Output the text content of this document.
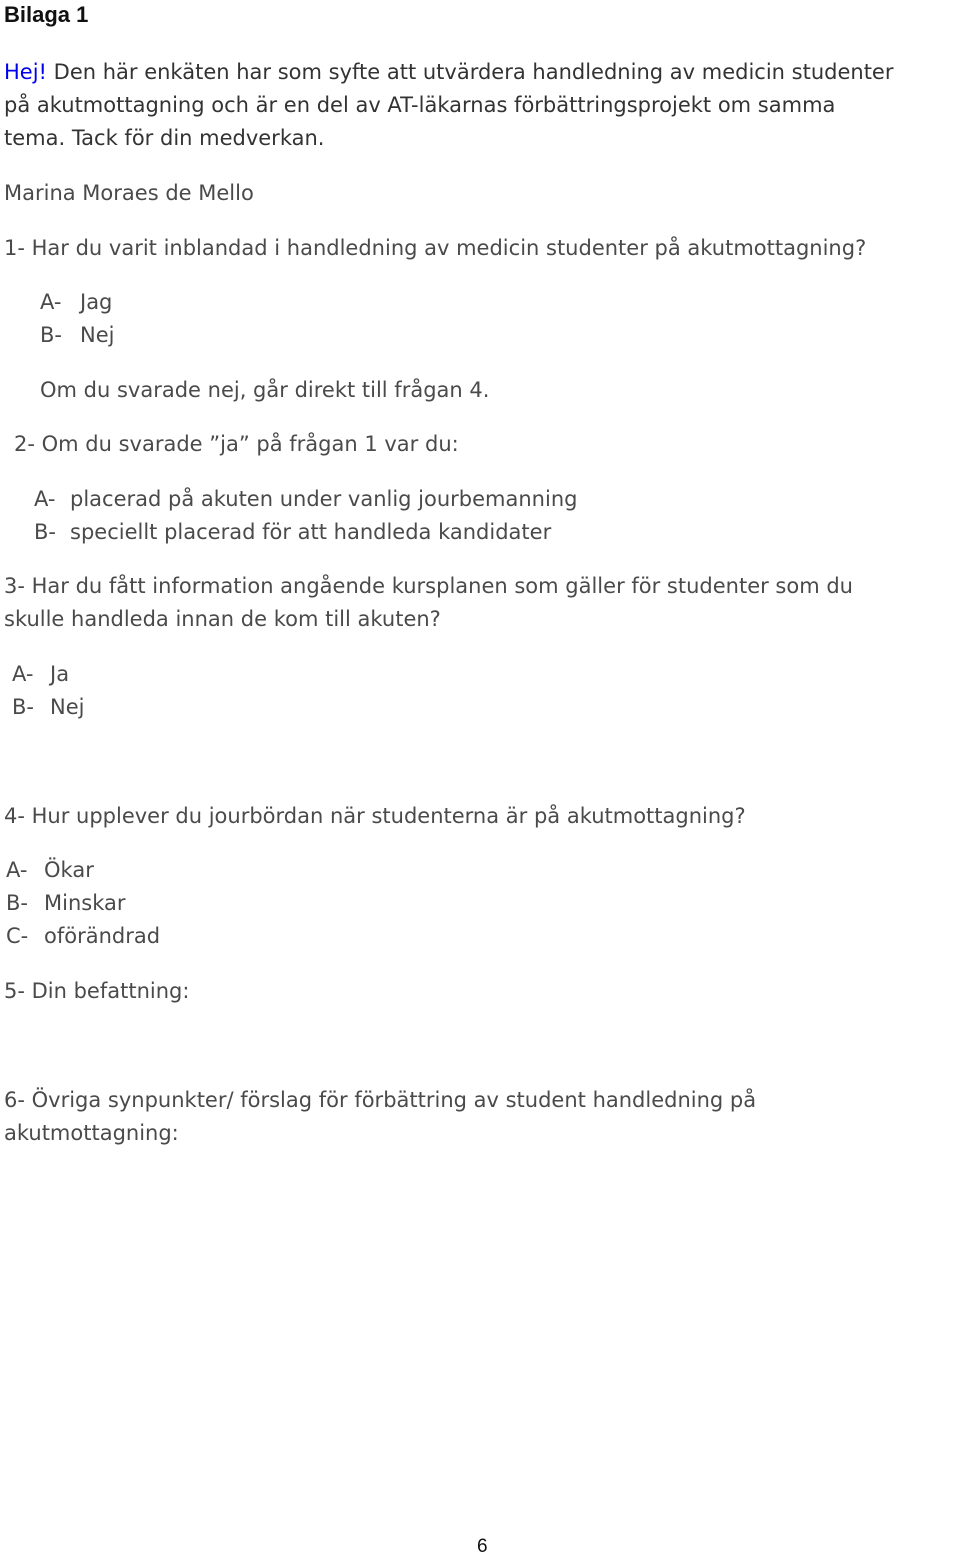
Bilaga 1
Hej! Den här enkäten har som syfte att utvärdera handledning av medicin studenter
på akutmottagning och är en del av AT-läkarnas förbättringsprojekt om samma
tema. Tack för din medverkan.
Marina Moraes de Mello
1- Har du varit inblandad i handledning av medicin studenter på akutmottagning?
A- Jag
B- Nej
Om du svarade nej, går direkt till frågan 4.
2- Om du svarade ”ja” på frågan 1 var du:
A- placerad på akuten under vanlig jourbemanning
B- speciellt placerad för att handleda kandidater
3- Har du fått information angående kursplanen som gäller för studenter som du
skulle handleda innan de kom till akuten?
A- Ja
B- Nej
4- Hur upplever du jourbördan när studenterna är på akutmottagning?
A- Ökar
B- Minskar
C- oförändrad
5- Din befattning:
6- Övriga synpunkter/ förslag för förbättring av student handledning på
akutmottagning:
6
